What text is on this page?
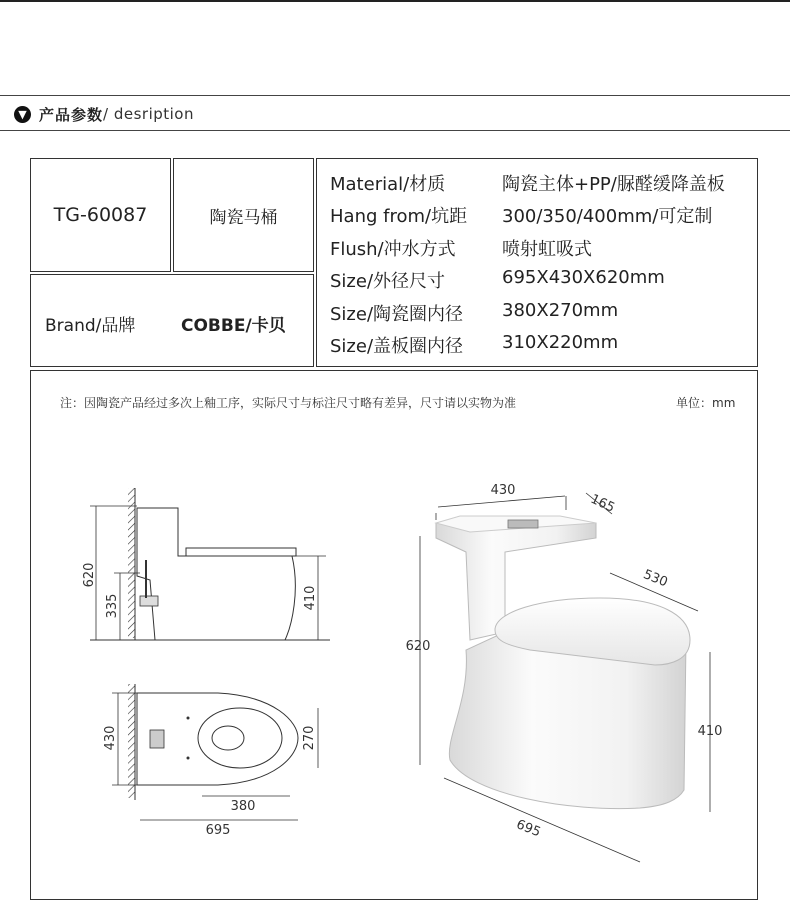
▼ 产品参数 / desription
TG-60087	陶瓷马桶
Brand/品牌	COBBE/卡贝
Material/材质	陶瓷主体+PP/脲醛缓降盖板
Hang from/坑距	300/350/400mm/可定制
Flush/冲水方式	喷射虹吸式
Size/外径尺寸	695X430X620mm
Size/陶瓷圈内径	380X270mm
Size/盖板圈内径	310X220mm
注：因陶瓷产品经过多次上釉工序，实际尺寸与标注尺寸略有差异，尺寸请以实物为准	单位：mm
620
335	410
430	270
380
695
430
165
530
620
410
695
